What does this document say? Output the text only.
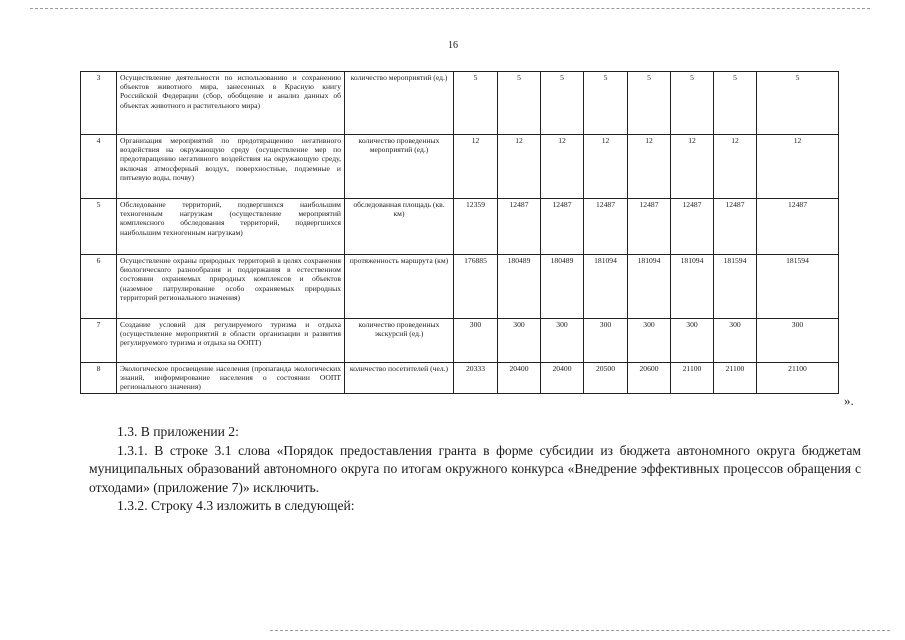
16
3	Осуществление деятельности по использованию и сохранению объектов животного мира, занесенных в Красную книгу Российской Федерации (сбор, обобщение и анализ данных об объектах животного и растительного мира)	количество мероприятий (ед.)	5	5	5	5	5	5	5	5
4	Организация мероприятий по предотвращению негативного воздействия на окружающую среду (осуществление мер по предотвращению негативного воздействия на окружающую среду, включая атмосферный воздух, поверхностные, подземные и питьевую воды, почву)	количество проведенных мероприятий (ед.)	12	12	12	12	12	12	12	12
5	Обследование территорий, подвергшихся наибольшим техногенным нагрузкам (осуществление мероприятий комплексного обследования территорий, подвергшихся наибольшим техногенным нагрузкам)	обследованная площадь (кв. км)	12359	12487	12487	12487	12487	12487	12487	12487
6	Осуществление охраны природных территорий в целях сохранения биологического разнообразия и поддержания в естественном состоянии охраняемых природных комплексов и объектов (наземное патрулирование особо охраняемых природных территорий регионального значения)	протяженность маршрута (км)	176885	180489	180489	181094	181094	181094	181594	181594
7	Создание условий для регулируемого туризма и отдыха (осуществление мероприятий в области организации и развития регулируемого туризма и отдыха на ООПТ)	количество проведенных экскурсий (ед.)	300	300	300	300	300	300	300	300
8	Экологическое просвещение населения (пропаганда экологических знаний, информирование населения о состоянии ООПТ регионального значения)	количество посетителей (чел.)	20333	20400	20400	20500	20600	21100	21100	21100
».

1.3. В приложении 2:

1.3.1. В строке 3.1 слова «Порядок предоставления гранта в форме субсидии из бюджета автономного округа бюджетам муниципальных образований автономного округа по итогам окружного конкурса «Внедрение эффективных процессов обращения с отходами» (приложение 7)» исключить.

1.3.2. Строку 4.3 изложить в следующей:
